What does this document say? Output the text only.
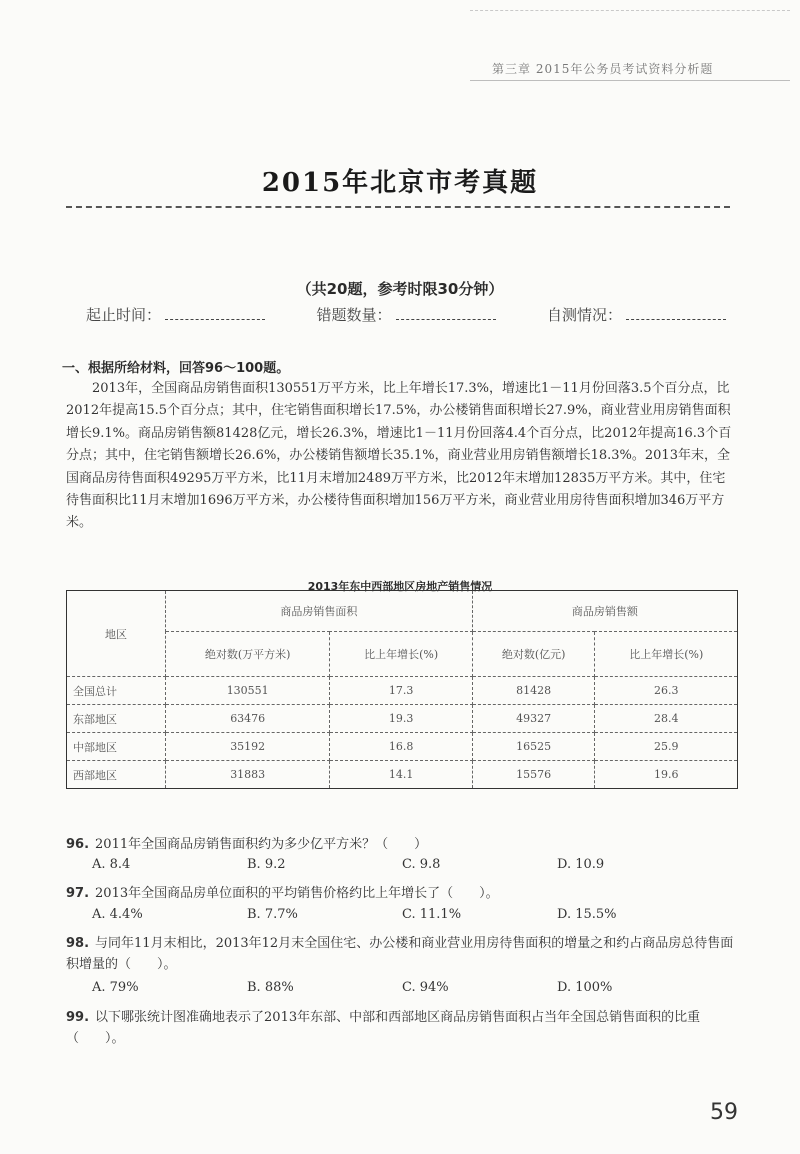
第三章 2015年公务员考试资料分析题
2015年北京市考真题
（共20题，参考时限30分钟）
起止时间：	错题数量：	自测情况：
一、根据所给材料，回答96～100题。
2013年，全国商品房销售面积130551万平方米，比上年增长17.3%，增速比1－11月份回落3.5个百分点，比2012年提高15.5个百分点；其中，住宅销售面积增长17.5%，办公楼销售面积增长27.9%，商业营业用房销售面积增长9.1%。商品房销售额81428亿元，增长26.3%，增速比1－11月份回落4.4个百分点，比2012年提高16.3个百分点；其中，住宅销售额增长26.6%，办公楼销售额增长35.1%，商业营业用房销售额增长18.3%。2013年末，全国商品房待售面积49295万平方米，比11月末增加2489万平方米，比2012年末增加12835万平方米。其中，住宅待售面积比11月末增加1696万平方米，办公楼待售面积增加156万平方米，商业营业用房待售面积增加346万平方米。
2013年东中西部地区房地产销售情况
地区	商品房销售面积		商品房销售额	
	绝对数(万平方米)	比上年增长(%)	绝对数(亿元)	比上年增长(%)
全国总计	130551	17.3	81428	26.3
东部地区	63476	19.3	49327	28.4
中部地区	35192	16.8	16525	25.9
西部地区	31883	14.1	15576	19.6
96. 2011年全国商品房销售面积约为多少亿平方米？（　　）
A. 8.4	B. 9.2	C. 9.8	D. 10.9
97. 2013年全国商品房单位面积的平均销售价格约比上年增长了（　　）。
A. 4.4%	B. 7.7%	C. 11.1%	D. 15.5%
98. 与同年11月末相比，2013年12月末全国住宅、办公楼和商业营业用房待售面积的增量之和约占商品房总待售面积增量的（　　）。
A. 79%	B. 88%	C. 94%	D. 100%
99. 以下哪张统计图准确地表示了2013年东部、中部和西部地区商品房销售面积占当年全国总销售面积的比重（　　）。
59
